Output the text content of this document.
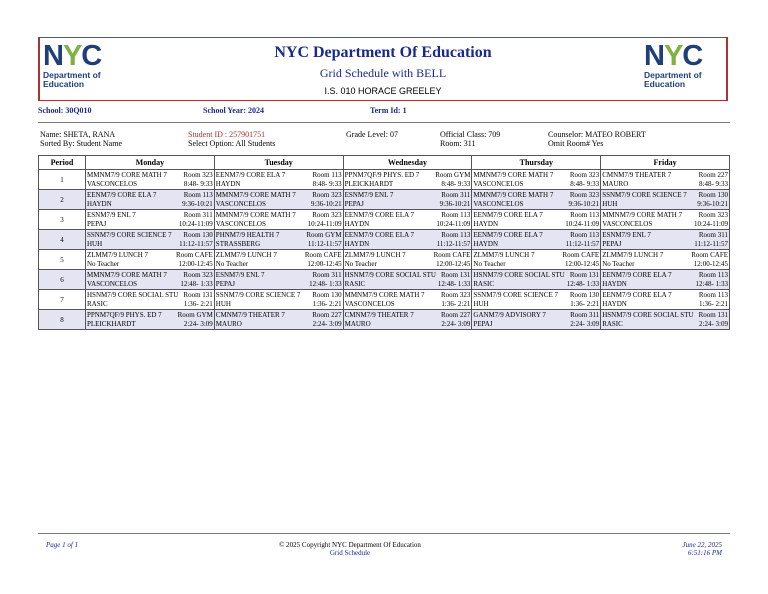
NYC
Department of
Education
NYC Department Of Education
Grid Schedule with BELL
I.S. 010 HORACE GREELEY
NYC
Department of
Education
School: 30Q010	School Year: 2024	Term Id: 1
Name: SHETA, RANA
Sorted By: Student Name
Student ID : 257901751
Select Option: All Students
Grade Level: 07	Official Class: 709
Room: 311
Counselor: MATEO ROBERT
Omit Room# Yes
Period	Monday	Tuesday	Wednesday	Thursday	Friday
1	MMNM7/9 CORE MATH 7 Room 323
VASCONCELOS 8:48- 9:33	EENM7/9 CORE ELA 7 Room 113
HAYDN 8:48- 9:33	PPNM7QF/9 PHYS. ED 7 Room GYM
PLEICKHARDT 8:48- 9:33	MMNM7/9 CORE MATH 7 Room 323
VASCONCELOS 8:48- 9:33	CMNM7/9 THEATER 7 Room 227
MAURO 8:48- 9:33

2	EENM7/9 CORE ELA 7 Room 113
HAYDN 9:36-10:21	MMNM7/9 CORE MATH 7 Room 323
VASCONCELOS 9:36-10:21	ESNM7/9 ENL 7 Room 311
PEPAJ 9:36-10:21	MMNM7/9 CORE MATH 7 Room 323
VASCONCELOS 9:36-10:21	SSNM7/9 CORE SCIENCE 7 Room 130
HUH 9:36-10:21

3	ESNM7/9 ENL 7 Room 311
PEPAJ 10:24-11:09	MMNM7/9 CORE MATH 7 Room 323
VASCONCELOS 10:24-11:09	EENM7/9 CORE ELA 7 Room 113
HAYDN 10:24-11:09	EENM7/9 CORE ELA 7 Room 113
HAYDN 10:24-11:09	MMNM7/9 CORE MATH 7 Room 323
VASCONCELOS 10:24-11:09

4	SSNM7/9 CORE SCIENCE 7 Room 130
HUH 11:12-11:57	PHNM7/9 HEALTH 7 Room GYM
STRASSBERG 11:12-11:57	EENM7/9 CORE ELA 7 Room 113
HAYDN 11:12-11:57	EENM7/9 CORE ELA 7 Room 113
HAYDN 11:12-11:57	ESNM7/9 ENL 7 Room 311
PEPAJ 11:12-11:57

5	ZLMM7/9 LUNCH 7 Room CAFE
No Teacher 12:00-12:45	ZLMM7/9 LUNCH 7 Room CAFE
No Teacher 12:00-12:45	ZLMM7/9 LUNCH 7 Room CAFE
No Teacher 12:00-12:45	ZLMM7/9 LUNCH 7 Room CAFE
No Teacher 12:00-12:45	ZLMM7/9 LUNCH 7 Room CAFE
No Teacher 12:00-12:45

6	MMNM7/9 CORE MATH 7 Room 323
VASCONCELOS 12:48- 1:33	ESNM7/9 ENL 7 Room 311
PEPAJ 12:48- 1:33	HSNM7/9 CORE SOCIAL STU Room 131
RASIC 12:48- 1:33	HSNM7/9 CORE SOCIAL STU Room 131
RASIC 12:48- 1:33	EENM7/9 CORE ELA 7 Room 113
HAYDN 12:48- 1:33

7	HSNM7/9 CORE SOCIAL STU Room 131
RASIC 1:36- 2:21	SSNM7/9 CORE SCIENCE 7 Room 130
HUH 1:36- 2:21	MMNM7/9 CORE MATH 7 Room 323
VASCONCELOS 1:36- 2:21	SSNM7/9 CORE SCIENCE 7 Room 130
HUH 1:36- 2:21	EENM7/9 CORE ELA 7 Room 113
HAYDN 1:36- 2:21

8	PPNM7QF/9 PHYS. ED 7 Room GYM
PLEICKHARDT 2:24- 3:09	CMNM7/9 THEATER 7 Room 227
MAURO 2:24- 3:09	CMNM7/9 THEATER 7 Room 227
MAURO 2:24- 3:09	GANM7/9 ADVISORY 7 Room 311
PEPAJ 2:24- 3:09	HSNM7/9 CORE SOCIAL STU Room 131
RASIC 2:24- 3:09
Page 1 of 1	© 2025 Copyright NYC Department Of Education
Grid Schedule
June 22, 2025
6:51:16 PM
